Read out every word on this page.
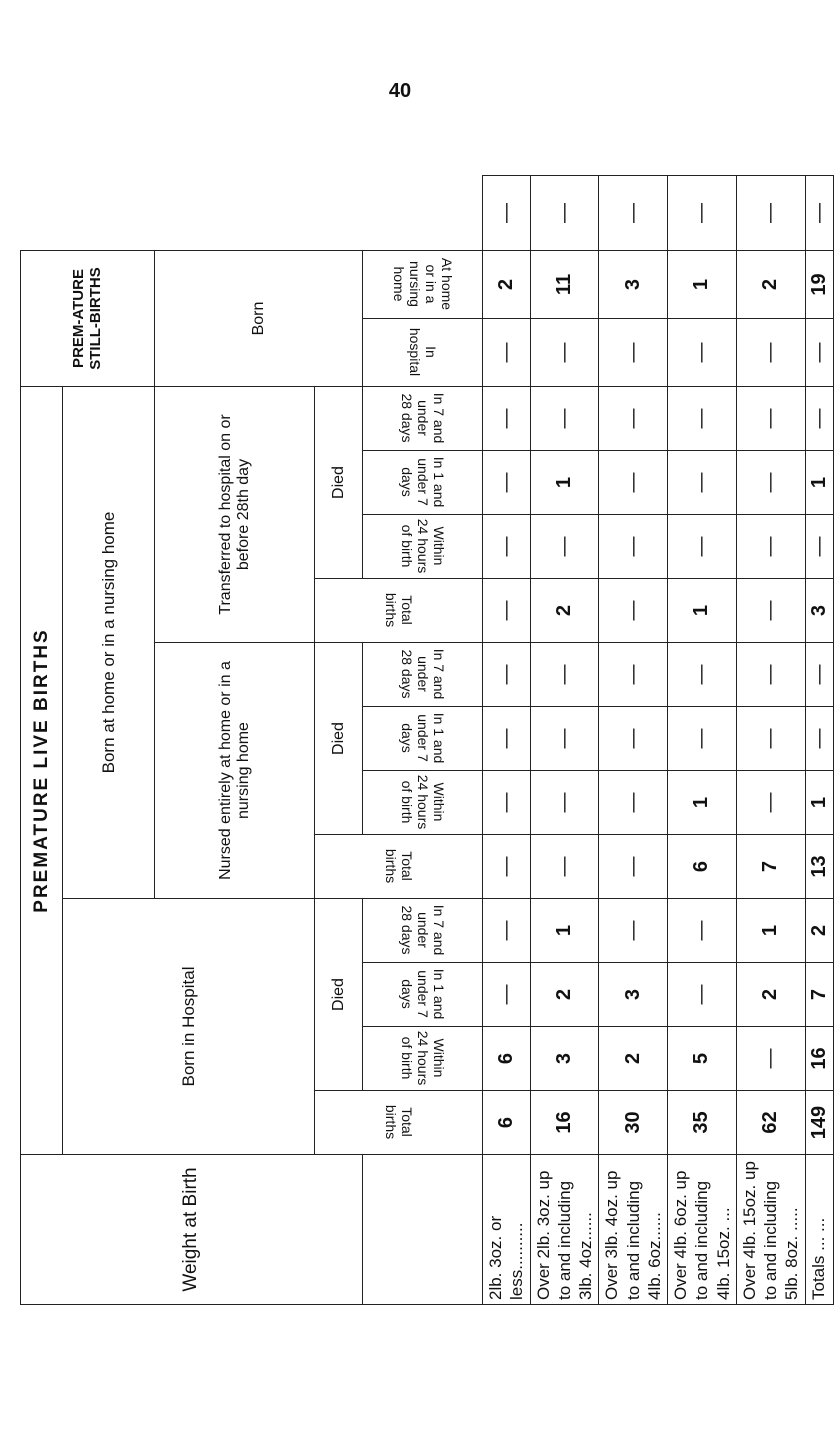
40
Weight at Birth	PREMATURE LIVE BIRTHS												PREM-ATURE STILL-BIRTHS		
	Born in Hospital				Born at home or in a nursing home										
					Nursed entirely at home or in a nursing home				Transferred to hospital on or before 28th day				Born		
	Total births	Died			Total births	Died			Total births	Died					
		Within 24 hours of birth	In 1 and under 7 days	In 7 and under 28 days		Within 24 hours of birth	In 1 and under 7 days	In 7 and under 28 days		Within 24 hours of birth	In 1 and under 7 days	In 7 and under 28 days	In hospital	At home or in a nursing home	
2lb. 3oz. or less..........	6	6	—	—	—	—	—	—	—	—	—	—	—	2	—
Over 2lb. 3oz. up to and including 3lb. 4oz......	16	3	2	1	—	—	—	—	2	—	1	—	—	11	—
Over 3lb. 4oz. up to and including 4lb. 6oz......	30	2	3	—	—	—	—	—	—	—	—	—	—	3	—
Over 4lb. 6oz. up to and including 4lb. 15oz. ...	35	5	—	—	6	1	—	—	1	—	—	—	—	1	—
Over 4lb. 15oz. up to and including 5lb. 8oz. .....	62	—	2	1	7	—	—	—	—	—	—	—	—	2	—
Totals ... ...	149	16	7	2	13	1	—	—	3	—	1	—	—	19	—
